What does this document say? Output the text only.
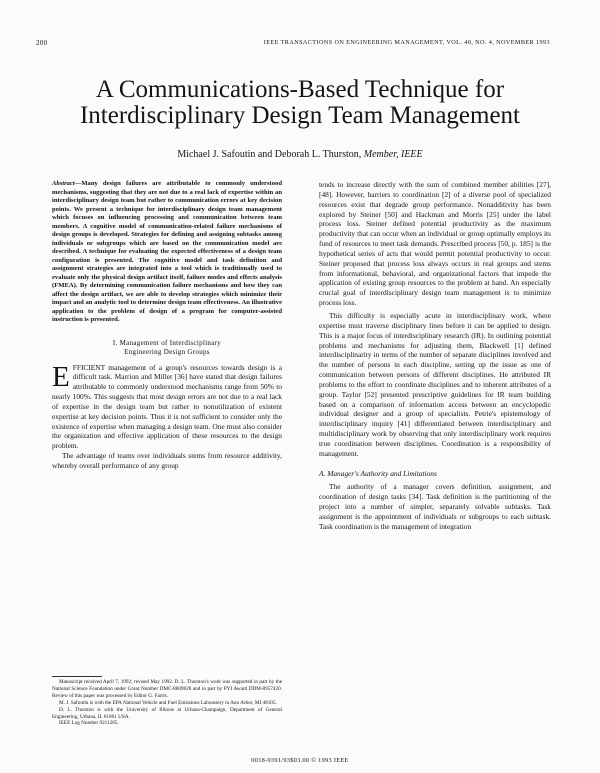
200	IEEE TRANSACTIONS ON ENGINEERING MANAGEMENT, VOL. 40, NO. 4, NOVEMBER 1993
A Communications-Based Technique for Interdisciplinary Design Team Management
Michael J. Safoutin and Deborah L. Thurston, Member, IEEE

Abstract—Many design failures are attributable to commonly understood mechanisms, suggesting that they are not due to a real lack of expertise within an interdisciplinary design team but rather to communication errors at key decision points. We present a technique for interdisciplinary design team management which focuses on influencing processing and communication between team members. A cognitive model of communication-related failure mechanisms of design groups is developed. Strategies for defining and assigning subtasks among individuals or subgroups which are based on the communication model are described. A technique for evaluating the expected effectiveness of a design team configuration is presented. The cognitive model and task definition and assignment strategies are integrated into a tool which is traditionally used to evaluate only the physical design artifact itself, failure modes and effects analysis (FMEA). By determining communication failure mechanisms and how they can affect the design artifact, we are able to develop strategies which minimize their impact and an analytic tool to determine design team effectiveness. An illustrative application to the problem of design of a program for computer-assisted instruction is presented.

I. Management of Interdisciplinary
Engineering Design Groups

EFFICIENT management of a group's resources towards design is a difficult task. Marrion and Miller [36] have stated that design failures attributable to commonly understood mechanisms range from 50% to nearly 100%. This suggests that most design errors are not due to a real lack of expertise in the design team but rather to nonutilization of existent expertise at key decision points. Thus it is not sufficient to consider only the existence of expertise when managing a design team. One must also consider the organization and effective application of these resources to the design problem.

The advantage of teams over individuals stems from resource additivity, whereby overall performance of any group

Manuscript received April 7, 1992; revised May 1992. D. L. Thurston's work was supported in part by the National Science Foundation under Grant Number DMC-8809828 and in part by PYI Award DDM-8957420. Review of this paper was processed by Editor G. Farris.

M. J. Safoutin is with the EPA National Vehicle and Fuel Emissions Laboratory in Ann Arbor, MI 48105.

D. L. Thurston is with the University of Illinois at Urbana-Champaign, Department of General Engineering, Urbana, IL 61801 USA.

IEEE Log Number 9211285.

tends to increase directly with the sum of combined member abilities [27], [48]. However, barriers to coordination [2] of a diverse pool of specialized resources exist that degrade group performance. Nonadditivity has been explored by Steiner [50] and Hackman and Morris [25] under the label process loss. Steiner defined potential productivity as the maximum productivity that can occur when an individual or group optimally employs its fund of resources to meet task demands. Prescribed process [50, p. 185] is the hypothetical series of acts that would permit potential productivity to occur. Steiner proposed that process loss always occurs in real groups and stems from informational, behavioral, and organizational factors that impede the application of existing group resources to the problem at hand. An especially crucial goal of interdisciplinary design team management is to minimize process loss.

This difficulty is especially acute in interdisciplinary work, where expertise must traverse disciplinary lines before it can be applied to design. This is a major focus of interdisciplinary research (IR). In outlining potential problems and mechanisms for adjusting them, Blackwell [1] defined interdisciplinarity in terms of the number of separate disciplines involved and the number of persons in each discipline, setting up the issue as one of communication between persons of different disciplines. He attributed IR problems to the effort to coordinate disciplines and to inherent attributes of a group. Taylor [52] presented prescriptive guidelines for IR team building based on a comparison of information access between an encyclopedic individual designer and a group of specialists. Petrie's epistemology of interdisciplinary inquiry [41] differentiated between interdisciplinary and multidisciplinary work by observing that only interdisciplinary work requires true coordination between disciplines. Coordination is a responsibility of management.

A. Manager's Authority and Limitations

The authority of a manager covers definition, assignment, and coordination of design tasks [34]. Task definition is the partitioning of the project into a number of simpler, separately solvable subtasks. Task assignment is the appointment of individuals or subgroups to each subtask. Task coordination is the management of integration

0018-9391/93$03.00 © 1993 IEEE
